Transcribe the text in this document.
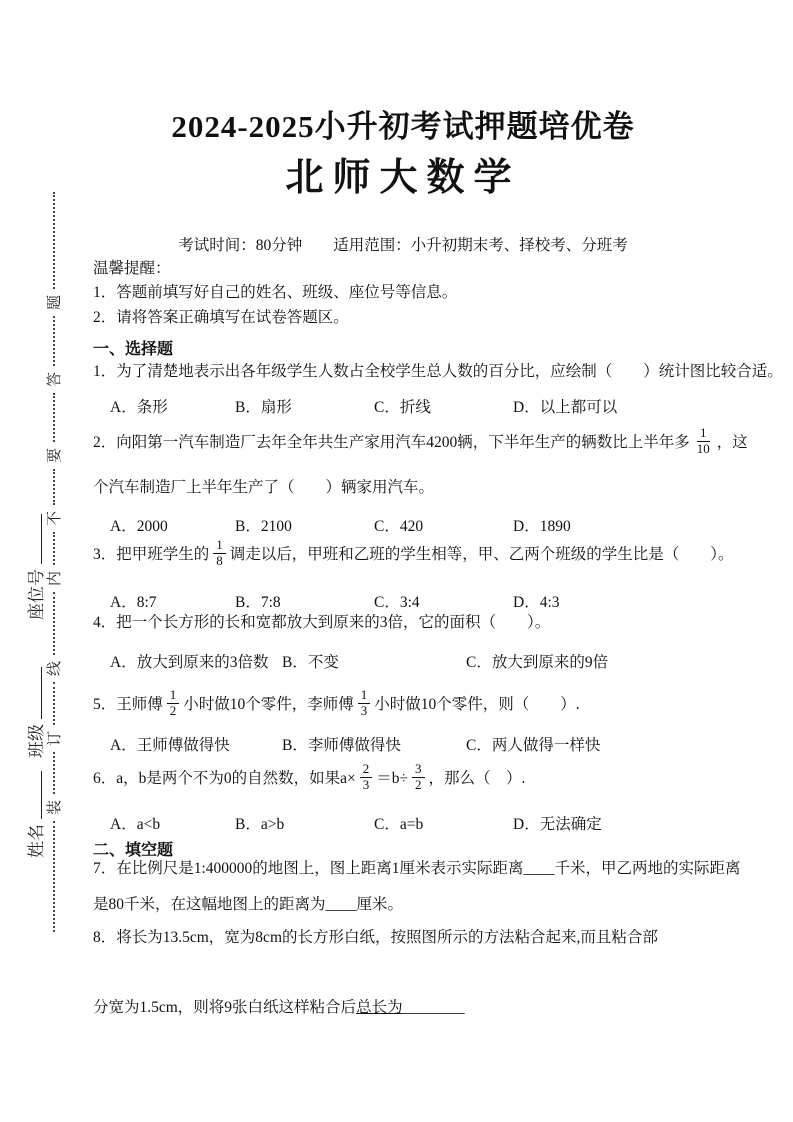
题
答
要
不
内
线
订
装
座位号
班级
姓名
2024-2025小升初考试押题培优卷
北师大数学
考试时间：80分钟　　适用范围：小升初期末考、择校考、分班考
温馨提醒：
1．答题前填写好自己的姓名、班级、座位号等信息。
2．请将答案正确填写在试卷答题区。
一、选择题
1．为了清楚地表示出各年级学生人数占全校学生总人数的百分比，应绘制（　　）统计图比较合适。
A．条形	B．扇形	C．折线	D．以上都可以
2．向阳第一汽车制造厂去年全年共生产家用汽车4200辆，下半年生产的辆数比上半年多 $\frac{1}{10}$ ，这
个汽车制造厂上半年生产了（　　）辆家用汽车。
A．2000	B．2100	C．420	D．1890
3．把甲班学生的 $\frac{1}{8}$ 调走以后，甲班和乙班的学生相等，甲、乙两个班级的学生比是（　　）。
A．8:7	B．7:8	C．3:4	D．4:3
4．把一个长方形的长和宽都放大到原来的3倍，它的面积（　　）。
A．放大到原来的3倍数 B．不变	C．放大到原来的9倍
5．王师傅 $\frac{1}{2}$ 小时做10个零件，李师傅 $\frac{1}{3}$ 小时做10个零件，则（　　）.
A．王师傅做得快	B．李师傅做得快	C．两人做得一样快
6．a，b是两个不为0的自然数，如果$a\times \frac{2}{3} =b\div \frac{3}{2}$ ，那么（　）.
A．a<b	B．a>b	C．a=b	D．无法确定
二、填空题
7．在比例尺是1:400000的地图上，图上距离1厘米表示实际距离____千米，甲乙两地的实际距离
是80千米，在这幅地图上的距离为____厘米。
8．将长为13.5cm，宽为8cm的长方形白纸，按照图所示的方法粘合起来,而且粘合部
分宽为1.5cm，则将9张白纸这样粘合后总长为________
